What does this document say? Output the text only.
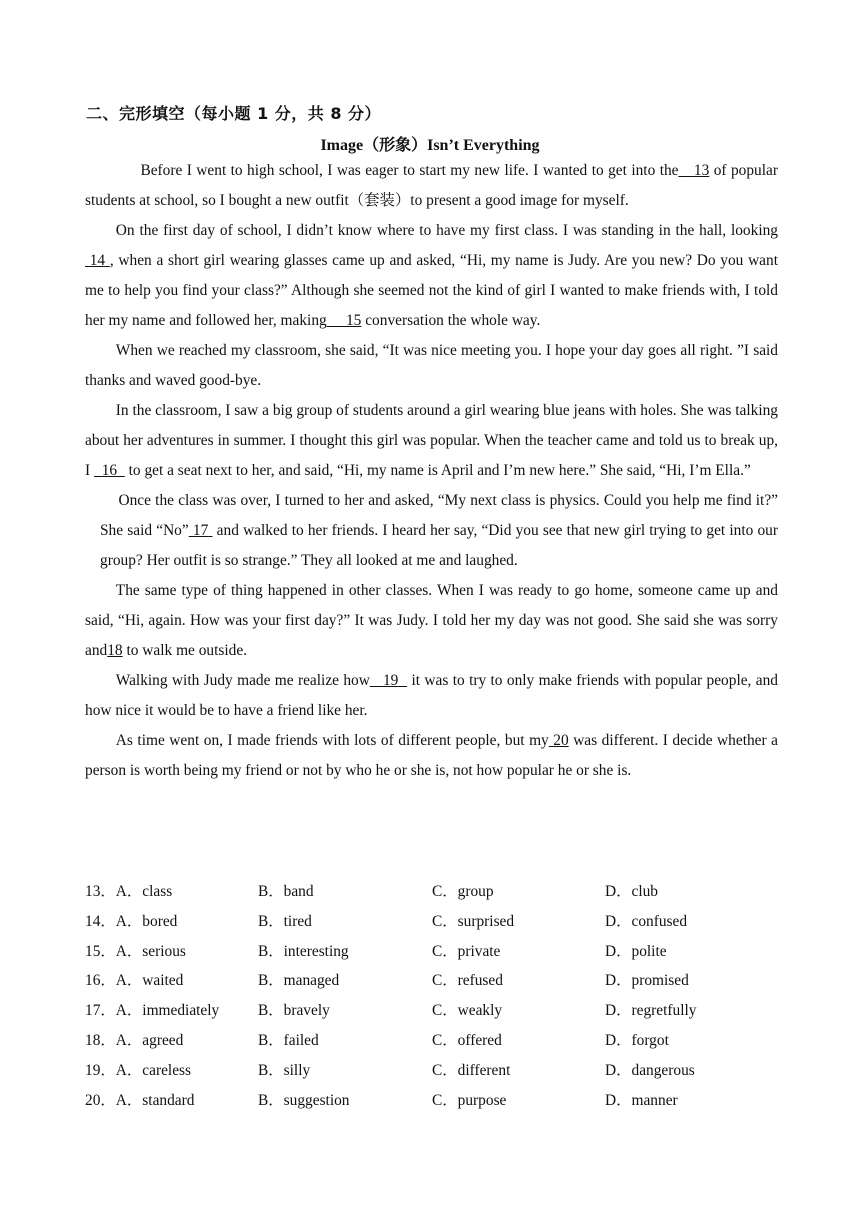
二、完形填空（每小题 1 分，共 8 分）
Image（形象）Isn’t Everything

Before I went to high school, I was eager to start my new life. I wanted to get into the__13 of popular students at school, so I bought a new outfit（套装）to present a good image for myself.

On the first day of school, I didn’t know where to have my first class. I was standing in the hall, looking 14 , when a short girl wearing glasses came up and asked, “Hi, my name is Judy. Are you new? Do you want me to help you find your class?” Although she seemed not the kind of girl I wanted to make friends with, I told her my name and followed her, making 15 conversation the whole way.

When we reached my classroom, she said, “It was nice meeting you. I hope your day goes all right. ”I said thanks and waved good-bye.

In the classroom, I saw a big group of students around a girl wearing blue jeans with holes. She was talking about her adventures in summer. I thought this girl was popular. When the teacher came and told us to break up, I 16 to get a seat next to her, and said, “Hi, my name is April and I’m new here.” She said, “Hi, I’m Ella.”

Once the class was over, I turned to her and asked, “My next class is physics. Could you help me find it?” She said “No” 17 and walked to her friends. I heard her say, “Did you see that new girl trying to get into our group? Her outfit is so strange.” They all looked at me and laughed.

The same type of thing happened in other classes. When I was ready to go home, someone came up and said, “Hi, again. How was your first day?” It was Judy. I told her my day was not good. She said she was sorry and18 to walk me outside.

Walking with Judy made me realize how 19 it was to try to only make friends with popular people, and how nice it would be to have a friend like her.

As time went on, I made friends with lots of different people, but my 20 was different. I decide whether a person is worth being my friend or not by who he or she is, not how popular he or she is.

13．A．class	B．band	C．group	D．club
14．A．bored	B．tired	C．surprised	D．confused
15．A．serious	B．interesting	C．private	D．polite
16．A．waited	B．managed	C．refused	D．promised
17．A．immediately	B．bravely	C．weakly	D．regretfully
18．A．agreed	B．failed	C．offered	D．forgot
19．A．careless	B．silly	C．different	D．dangerous
20．A．standard	B．suggestion	C．purpose	D．manner
